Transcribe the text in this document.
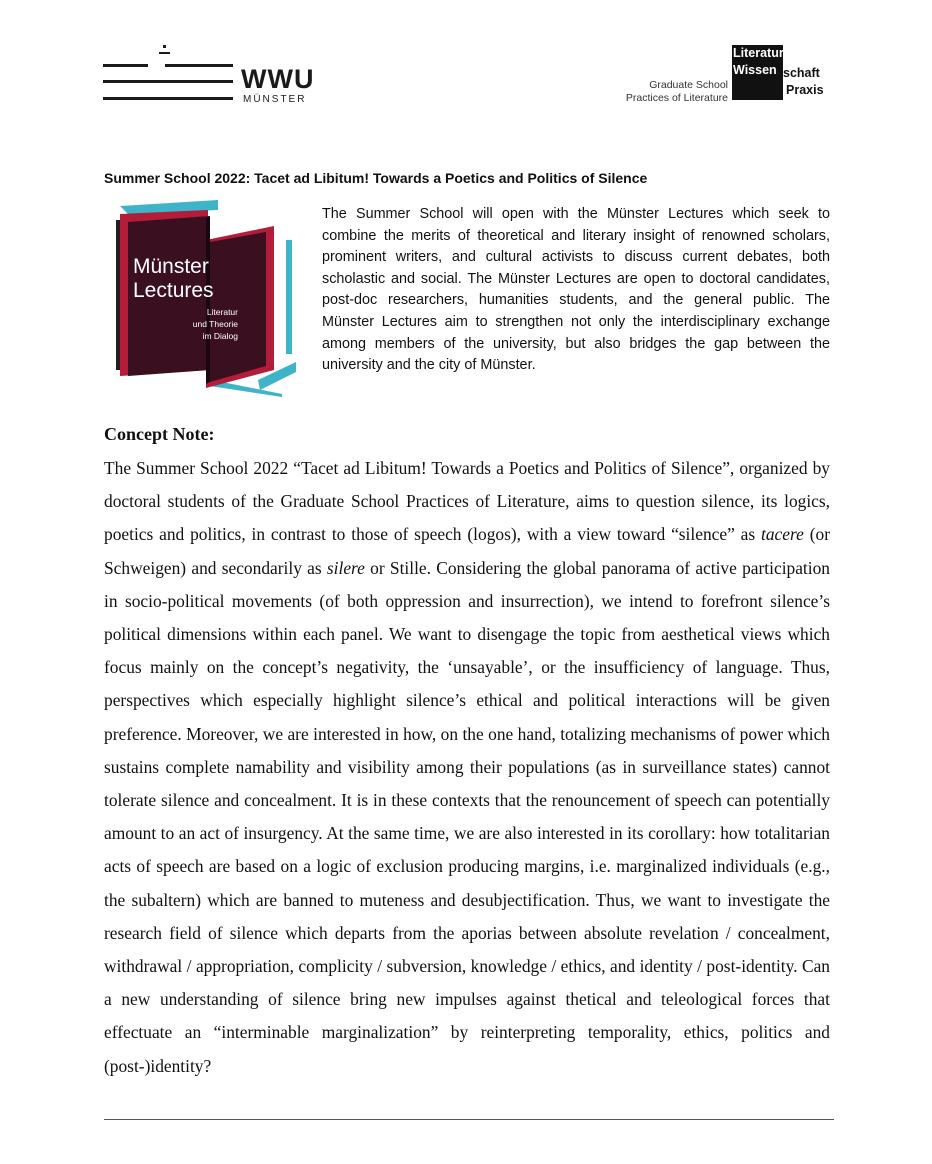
WWU
MÜNSTER
Graduate School
Practices of Literature
Literatur
Wissen schaft
Praxis
Summer School 2022: Tacet ad Libitum! Towards a Poetics and Politics of Silence
Münster
Lectures
Literatur
und Theorie
im Dialog
The Summer School will open with the Münster Lectures which seek to combine the merits of theoretical and literary insight of renowned scholars, prominent writers, and cultural activists to discuss current debates, both scholastic and social. The Münster Lectures are open to doctoral candidates, post-doc researchers, humanities students, and the general public. The Münster Lectures aim to strengthen not only the interdisciplinary exchange among members of the university, but also bridges the gap between the university and the city of Münster.
Concept Note:
The Summer School 2022 “Tacet ad Libitum! Towards a Poetics and Politics of Silence”, organized by doctoral students of the Graduate School Practices of Literature, aims to question silence, its logics, poetics and politics, in contrast to those of speech (logos), with a view toward “silence” as tacere (or Schweigen) and secondarily as silere or Stille. Considering the global panorama of active participation in socio-political movements (of both oppression and insurrection), we intend to forefront silence’s political dimensions within each panel. We want to disengage the topic from aesthetical views which focus mainly on the concept’s negativity, the ‘unsayable’, or the insufficiency of language. Thus, perspectives which especially highlight silence’s ethical and political interactions will be given preference. Moreover, we are interested in how, on the one hand, totalizing mechanisms of power which sustains complete namability and visibility among their populations (as in surveillance states) cannot tolerate silence and concealment. It is in these contexts that the renouncement of speech can potentially amount to an act of insurgency. At the same time, we are also interested in its corollary: how totalitarian acts of speech are based on a logic of exclusion producing margins, i.e. marginalized individuals (e.g., the subaltern) which are banned to muteness and desubjectification. Thus, we want to investigate the research field of silence which departs from the aporias between absolute revelation / concealment, withdrawal / appropriation, complicity / subversion, knowledge / ethics, and identity / post-identity. Can a new understanding of silence bring new impulses against thetical and teleological forces that effectuate an “interminable marginalization” by reinterpreting temporality, ethics, politics and (post-)identity?
